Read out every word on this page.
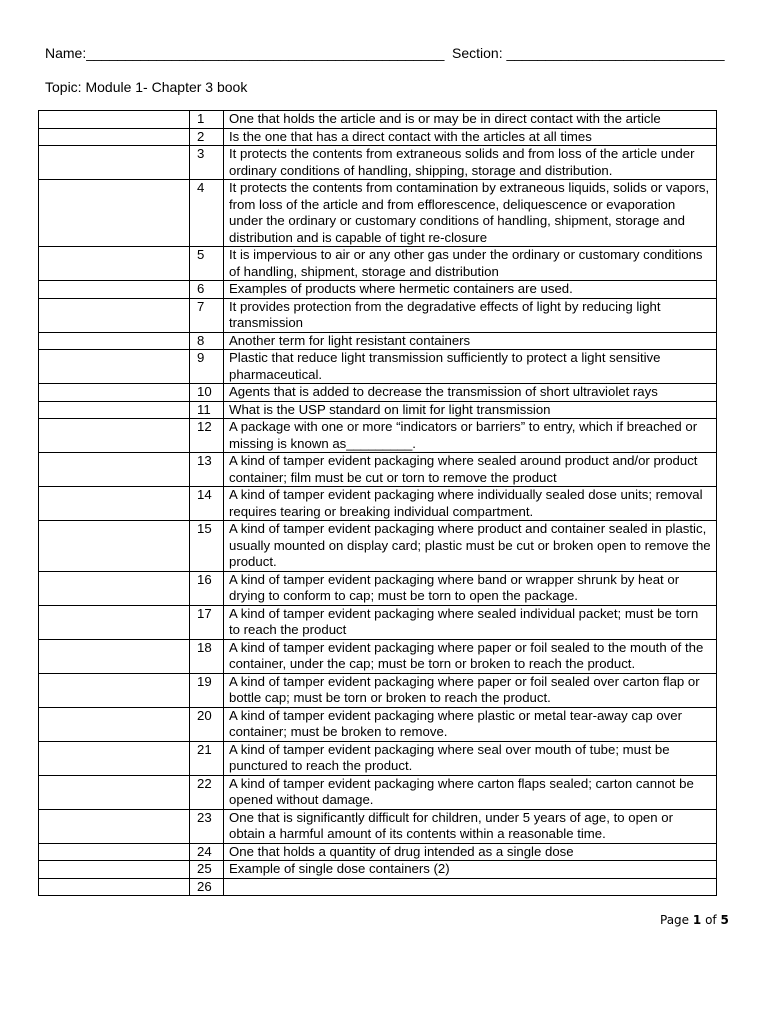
Name:______________________________________________ Section: ____________________________
Topic: Module 1- Chapter 3 book
	1	One that holds the article and is or may be in direct contact with the article
	2	Is the one that has a direct contact with the articles at all times
	3	It protects the contents from extraneous solids and from loss of the article under ordinary conditions of handling, shipping, storage and distribution.
	4	It protects the contents from contamination by extraneous liquids, solids or vapors, from loss of the article and from efflorescence, deliquescence or evaporation under the ordinary or customary conditions of handling, shipment, storage and distribution and is capable of tight re-closure
	5	It is impervious to air or any other gas under the ordinary or customary conditions of handling, shipment, storage and distribution
	6	Examples of products where hermetic containers are used.
	7	It provides protection from the degradative effects of light by reducing light transmission
	8	Another term for light resistant containers
	9	Plastic that reduce light transmission sufficiently to protect a light sensitive pharmaceutical.
	10	Agents that is added to decrease the transmission of short ultraviolet rays
	11	What is the USP standard on limit for light transmission
	12	A package with one or more “indicators or barriers” to entry, which if breached or missing is known as_________.
	13	A kind of tamper evident packaging where sealed around product and/or product container; film must be cut or torn to remove the product
	14	A kind of tamper evident packaging where individually sealed dose units; removal requires tearing or breaking individual compartment.
	15	A kind of tamper evident packaging where product and container sealed in plastic, usually mounted on display card; plastic must be cut or broken open to remove the product.
	16	A kind of tamper evident packaging where band or wrapper shrunk by heat or drying to conform to cap; must be torn to open the package.
	17	A kind of tamper evident packaging where sealed individual packet; must be torn to reach the product
	18	A kind of tamper evident packaging where paper or foil sealed to the mouth of the container, under the cap; must be torn or broken to reach the product.
	19	A kind of tamper evident packaging where paper or foil sealed over carton flap or bottle cap; must be torn or broken to reach the product.
	20	A kind of tamper evident packaging where plastic or metal tear-away cap over container; must be broken to remove.
	21	A kind of tamper evident packaging where seal over mouth of tube; must be punctured to reach the product.
	22	A kind of tamper evident packaging where carton flaps sealed; carton cannot be opened without damage.
	23	One that is significantly difficult for children, under 5 years of age, to open or obtain a harmful amount of its contents within a reasonable time.
	24	One that holds a quantity of drug intended as a single dose
	25	Example of single dose containers (2)
	26	
Page 1 of 5
